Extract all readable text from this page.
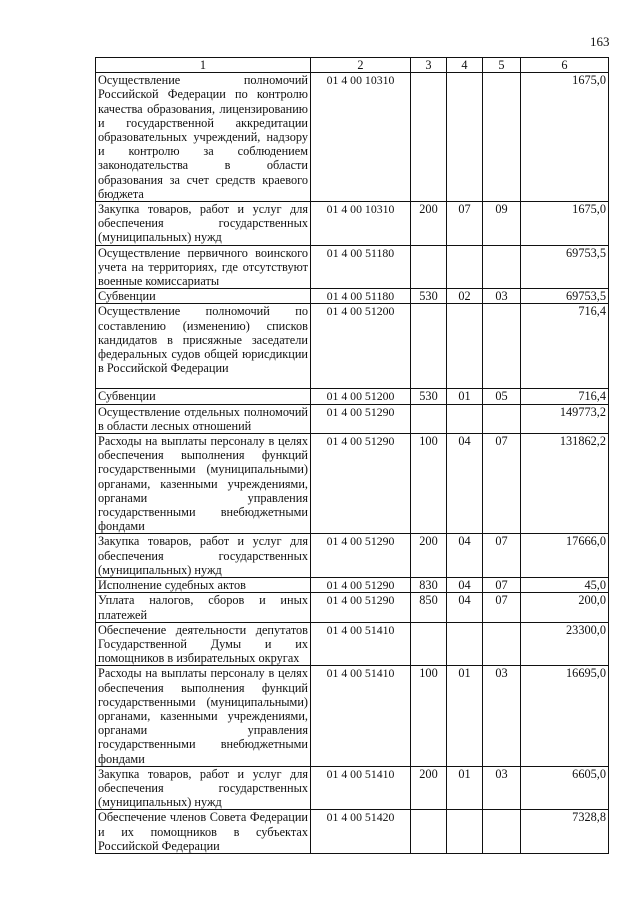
163
1	2	3	4	5	6
Осуществление полномочий Российской Федерации по контролю качества образования, лицензированию и государственной аккредитации образовательных учреждений, надзору и контролю за соблюдением законодательства в области образования за счет средств краевого бюджета	01 4 00 10310				1675,0
Закупка товаров, работ и услуг для обеспечения государственных (муниципальных) нужд	01 4 00 10310	200	07	09	1675,0
Осуществление первичного воинского учета на территориях, где отсутствуют военные комиссариаты	01 4 00 51180				69753,5
Субвенции	01 4 00 51180	530	02	03	69753,5
Осуществление полномочий по составлению (изменению) списков кандидатов в присяжные заседатели федеральных судов общей юрисдикции в Российской Федерации	01 4 00 51200				716,4
Субвенции	01 4 00 51200	530	01	05	716,4
Осуществление отдельных полномочий в области лесных отношений	01 4 00 51290				149773,2
Расходы на выплаты персоналу в целях обеспечения выполнения функций государственными (муниципальными) органами, казенными учреждениями, органами управления государственными внебюджетными фондами	01 4 00 51290	100	04	07	131862,2
Закупка товаров, работ и услуг для обеспечения государственных (муниципальных) нужд	01 4 00 51290	200	04	07	17666,0
Исполнение судебных актов	01 4 00 51290	830	04	07	45,0
Уплата налогов, сборов и иных платежей	01 4 00 51290	850	04	07	200,0
Обеспечение деятельности депутатов Государственной Думы и их помощников в избирательных округах	01 4 00 51410				23300,0
Расходы на выплаты персоналу в целях обеспечения выполнения функций государственными (муниципальными) органами, казенными учреждениями, органами управления государственными внебюджетными фондами	01 4 00 51410	100	01	03	16695,0
Закупка товаров, работ и услуг для обеспечения государственных (муниципальных) нужд	01 4 00 51410	200	01	03	6605,0
Обеспечение членов Совета Федерации и их помощников в субъектах Российской Федерации	01 4 00 51420				7328,8
